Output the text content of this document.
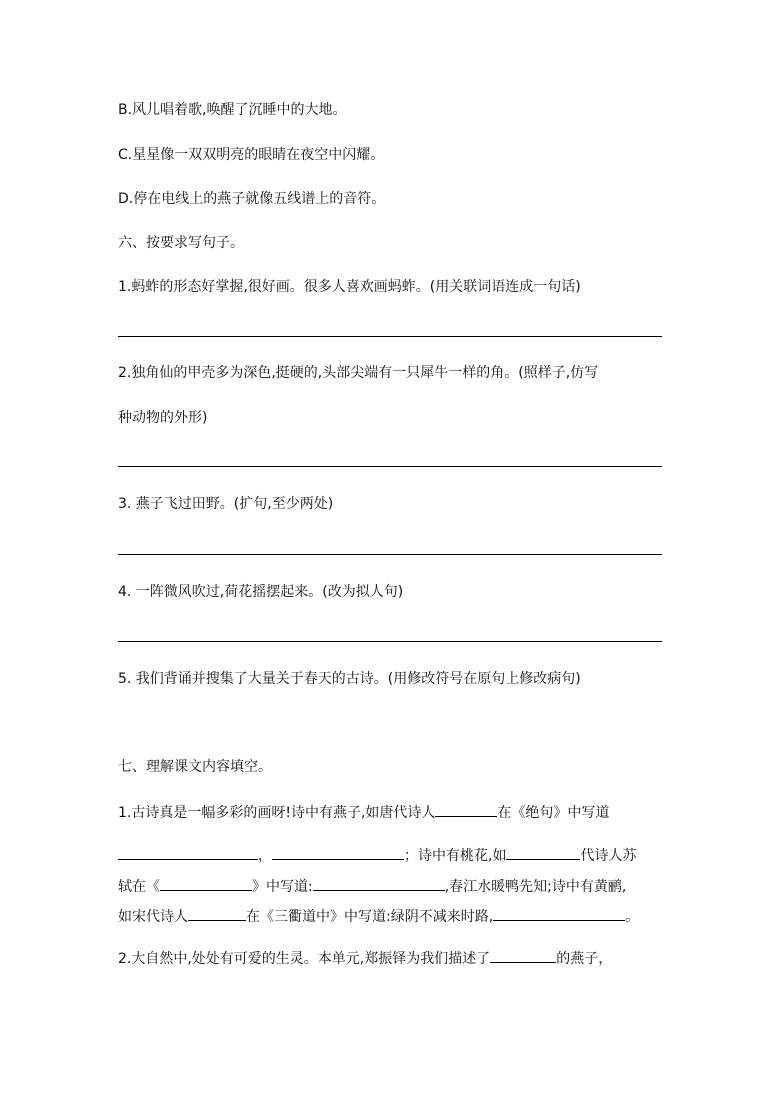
B.风儿唱着歌,唤醒了沉睡中的大地。
C.星星像一双双明亮的眼睛在夜空中闪耀。
D.停在电线上的燕子就像五线谱上的音符。
六、按要求写句子。
1.蚂蚱的形态好掌握,很好画。很多人喜欢画蚂蚱。(用关联词语连成一句话)
2.独角仙的甲壳多为深色,挺硬的,头部尖端有一只犀牛一样的角。(照样子,仿写
种动物的外形)
3. 燕子飞过田野。(扩句,至少两处)
4. 一阵微风吹过,荷花摇摆起来。(改为拟人句)
5. 我们背诵并搜集了大量关于春天的古诗。(用修改符号在原句上修改病句)
七、理解课文内容填空。
1.古诗真是一幅多彩的画呀!诗中有燕子,如唐代诗人	在《绝句》中写道
，	；诗中有桃花,如	代诗人苏
轼在《	》中写道:	,春江水暖鸭先知;诗中有黄鹂,
如宋代诗人	在《三衢道中》中写道:绿阴不减来时路,	。
2.大自然中,处处有可爱的生灵。本单元,郑振铎为我们描述了	的燕子，
